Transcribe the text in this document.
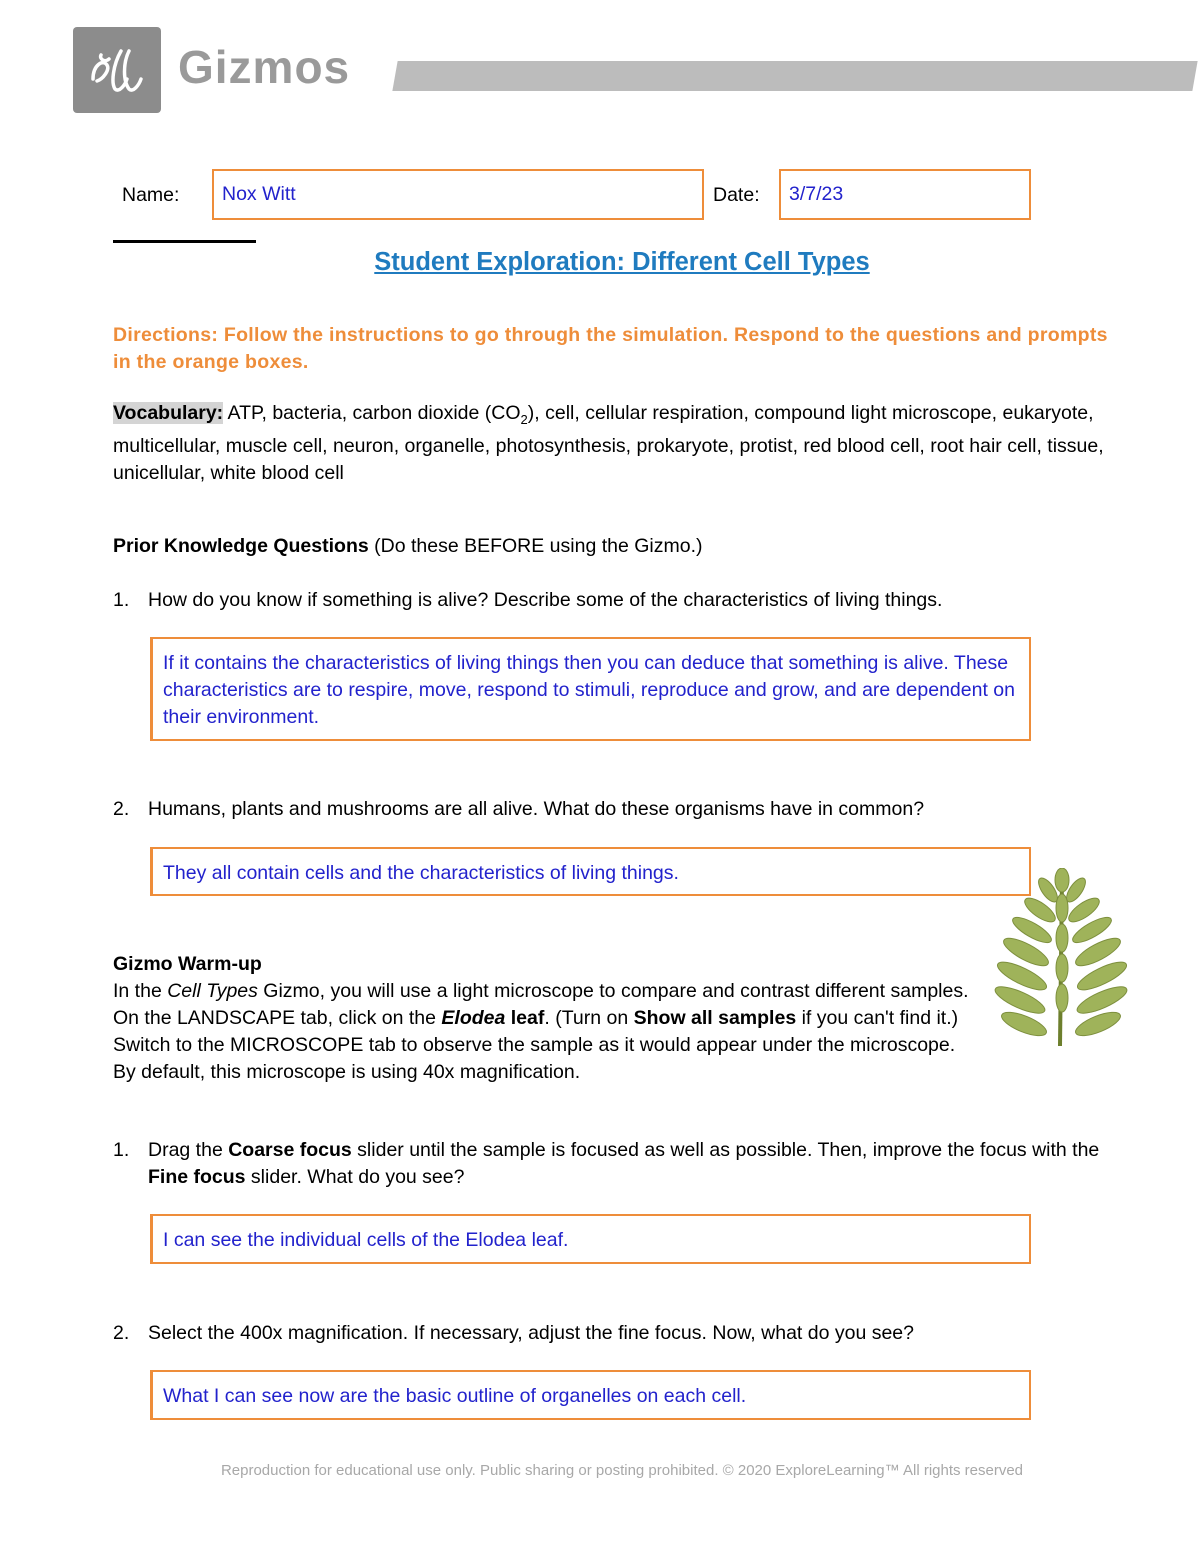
Gizmos
Name:	Nox Witt	Date:	3/7/23
Student Exploration: Different Cell Types
Directions: Follow the instructions to go through the simulation. Respond to the questions and prompts in the orange boxes.
Vocabulary: ATP, bacteria, carbon dioxide $(CO_2)$, cell, cellular respiration, compound light microscope, eukaryote, multicellular, muscle cell, neuron, organelle, photosynthesis, prokaryote, protist, red blood cell, root hair cell, tissue, unicellular, white blood cell
Prior Knowledge Questions (Do these BEFORE using the Gizmo.)
1. How do you know if something is alive? Describe some of the characteristics of living things.
If it contains the characteristics of living things then you can deduce that something is alive. These characteristics are to respire, move, respond to stimuli, reproduce and grow, and are dependent on their environment.
2. Humans, plants and mushrooms are all alive. What do these organisms have in common?
They all contain cells and the characteristics of living things.
Gizmo Warm-up
In the Cell Types Gizmo, you will use a light microscope to compare and contrast different samples. On the LANDSCAPE tab, click on the Elodea leaf. (Turn on Show all samples if you can't find it.) Switch to the MICROSCOPE tab to observe the sample as it would appear under the microscope. By default, this microscope is using 40x magnification.
1. Drag the Coarse focus slider until the sample is focused as well as possible. Then, improve the focus with the Fine focus slider. What do you see?
I can see the individual cells of the Elodea leaf.
2. Select the 400x magnification. If necessary, adjust the fine focus. Now, what do you see?
What I can see now are the basic outline of organelles on each cell.
Reproduction for educational use only. Public sharing or posting prohibited. © 2020 ExploreLearning™ All rights reserved
